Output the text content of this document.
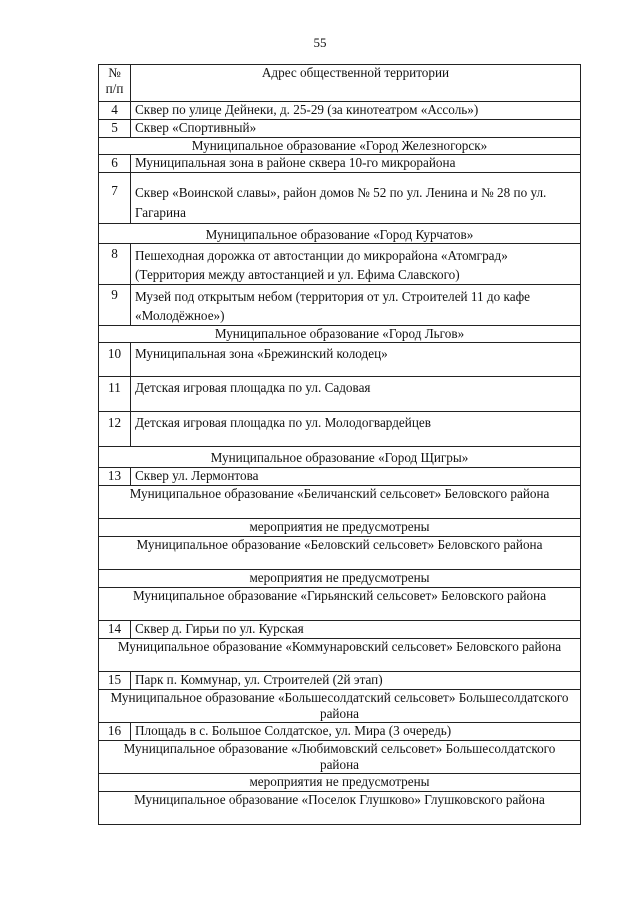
55
№
п/п	Адрес общественной территории
4	Сквер по улице Дейнеки, д. 25-29 (за кинотеатром «Ассоль»)
5	Сквер «Спортивный»
Муниципальное образование «Город Железногорск»	
6	Муниципальная зона в районе сквера 10-го микрорайона
7	Сквер «Воинской славы», район домов № 52 по ул. Ленина и № 28 по ул. Гагарина
Муниципальное образование «Город Курчатов»	
8	Пешеходная дорожка от автостанции до микрорайона «Атомград» (Территория между автостанцией и ул. Ефима Славского)
9	Музей под открытым небом (территория от ул. Строителей 11 до кафе «Молодёжное»)
Муниципальное образование «Город Льгов»	
10	Муниципальная зона «Брежинский колодец»
11	Детская игровая площадка по ул. Садовая
12	Детская игровая площадка по ул. Молодогвардейцев
Муниципальное образование «Город Щигры»	
13	Сквер ул. Лермонтова
Муниципальное образование «Беличанский сельсовет» Беловского района	
мероприятия не предусмотрены	
Муниципальное образование «Беловский сельсовет» Беловского района	
мероприятия не предусмотрены	
Муниципальное образование «Гирьянский сельсовет» Беловского района	
14	Сквер д. Гирьи по ул. Курская
Муниципальное образование «Коммунаровский сельсовет» Беловского района	
15	Парк п. Коммунар, ул. Строителей (2й этап)
Муниципальное образование «Большесолдатский сельсовет» Большесолдатского района	
16	Площадь в с. Большое Солдатское, ул. Мира (3 очередь)
Муниципальное образование «Любимовский сельсовет» Большесолдатского района	
мероприятия не предусмотрены	
Муниципальное образование «Поселок Глушково» Глушковского района	
